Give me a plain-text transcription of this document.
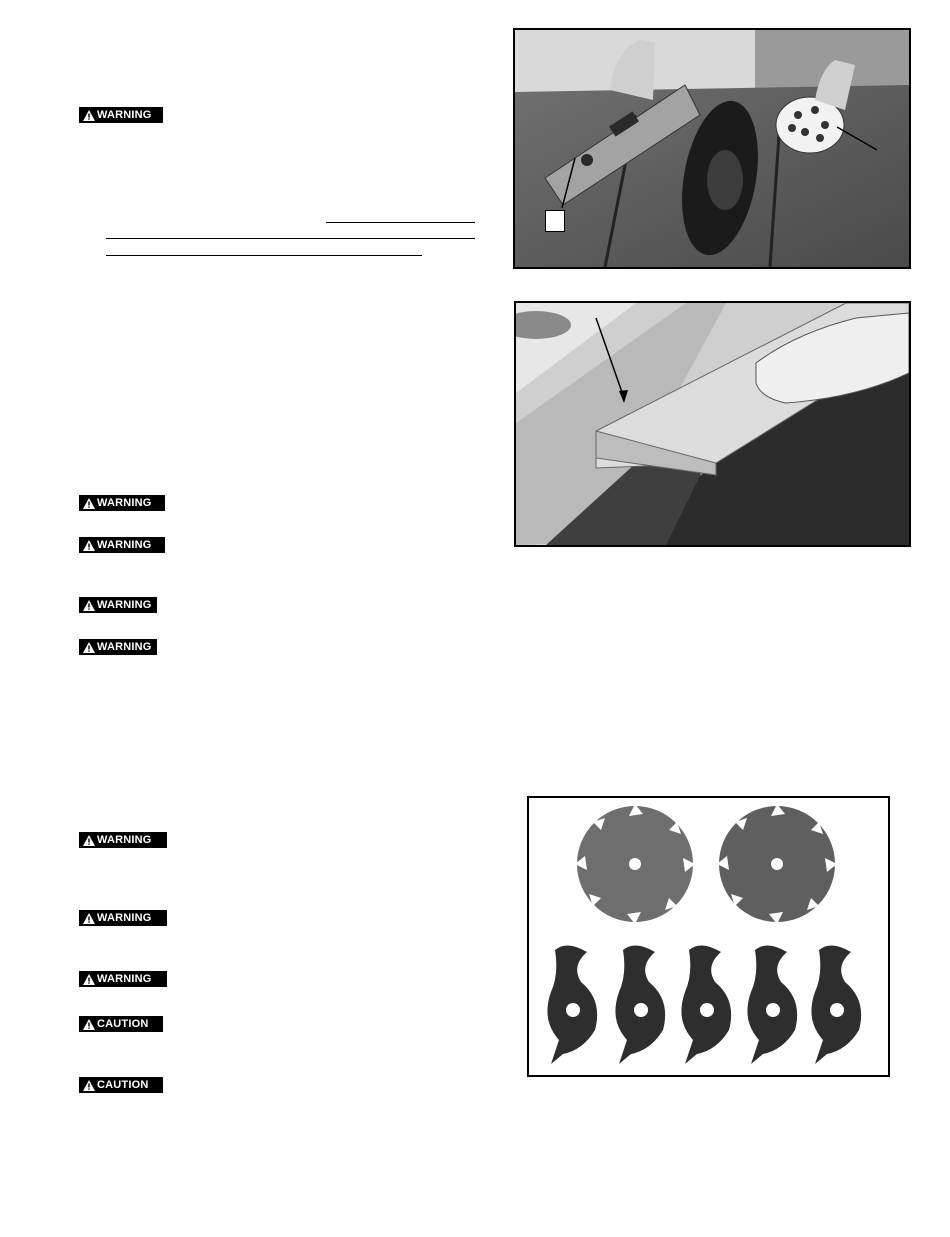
WARNING
WARNING
WARNING
WARNING
WARNING
WARNING
WARNING
WARNING
CAUTION
CAUTION
